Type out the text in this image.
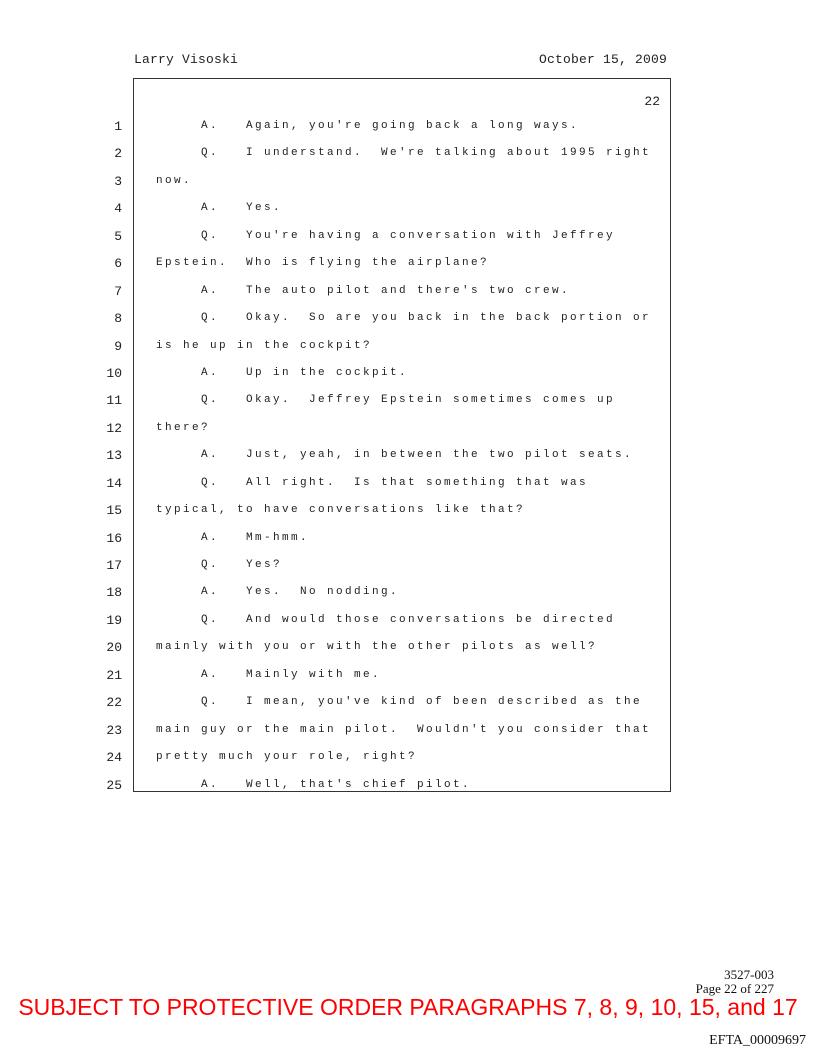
Larry Visoski	October 15, 2009
22
1
2
3
4
5
6
7
8
9
10
11
12
13
14
15
16
17
18
19
20
21
22
23
24
25
A.   Again, you're going back a long ways.
Q.   I understand.  We're talking about 1995 right
now.
A.   Yes.
Q.   You're having a conversation with Jeffrey
Epstein.  Who is flying the airplane?
A.   The auto pilot and there's two crew.
Q.   Okay.  So are you back in the back portion or
is he up in the cockpit?
A.   Up in the cockpit.
Q.   Okay.  Jeffrey Epstein sometimes comes up
there?
A.   Just, yeah, in between the two pilot seats.
Q.   All right.  Is that something that was
typical, to have conversations like that?
A.   Mm-hmm.
Q.   Yes?
A.   Yes.  No nodding.
Q.   And would those conversations be directed
mainly with you or with the other pilots as well?
A.   Mainly with me.
Q.   I mean, you've kind of been described as the
main guy or the main pilot.  Wouldn't you consider that
pretty much your role, right?
A.   Well, that's chief pilot.
3527-003
Page 22 of 227
SUBJECT TO PROTECTIVE ORDER PARAGRAPHS 7, 8, 9, 10, 15, and 17
EFTA_00009697
